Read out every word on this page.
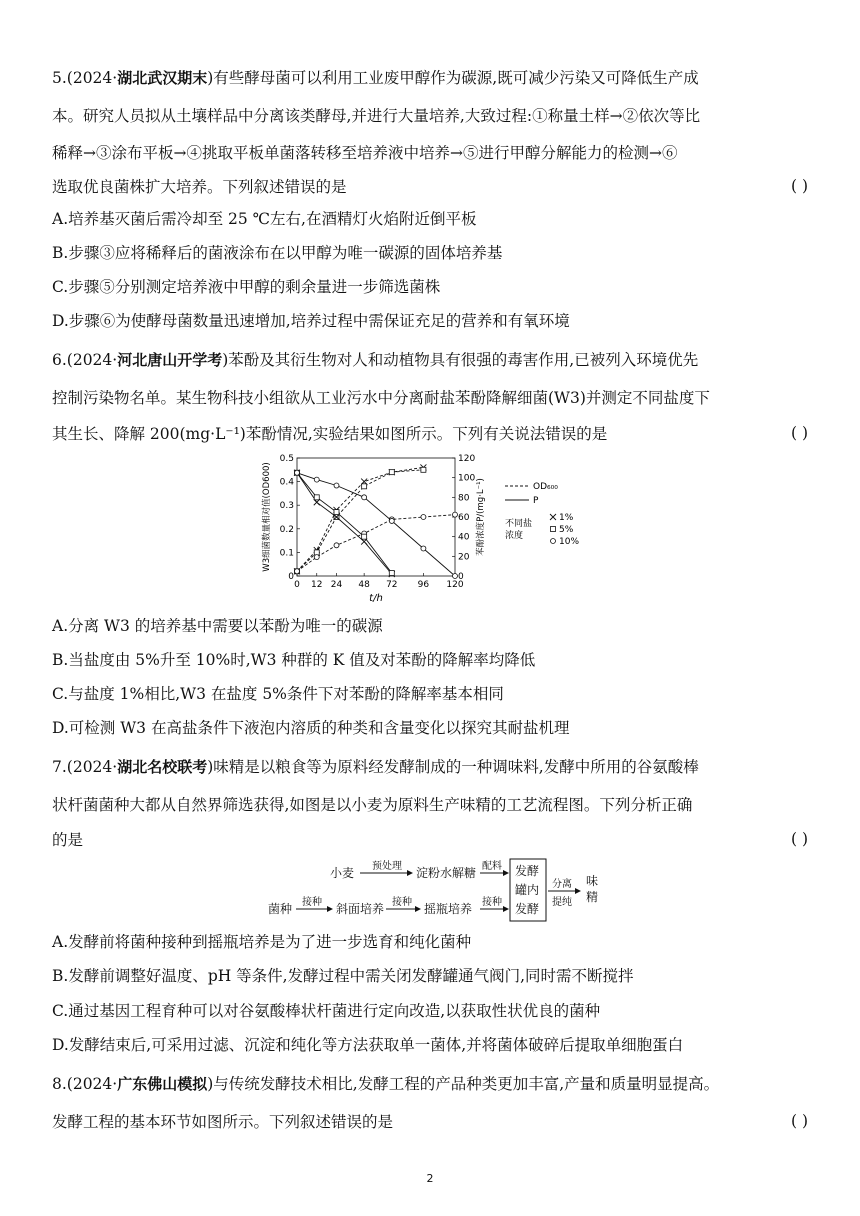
5.(2024·湖北武汉期末)有些酵母菌可以利用工业废甲醇作为碳源,既可减少污染又可降低生产成
本。研究人员拟从土壤样品中分离该类酵母,并进行大量培养,大致过程:①称量土样→②依次等比
稀释→③涂布平板→④挑取平板单菌落转移至培养液中培养→⑤进行甲醇分解能力的检测→⑥
选取优良菌株扩大培养。下列叙述错误的是	( )
A.培养基灭菌后需冷却至 25 ℃左右,在酒精灯火焰附近倒平板
B.步骤③应将稀释后的菌液涂布在以甲醇为唯一碳源的固体培养基
C.步骤⑤分别测定培养液中甲醇的剩余量进一步筛选菌株
D.步骤⑥为使酵母菌数量迅速增加,培养过程中需保证充足的营养和有氧环境
6.(2024·河北唐山开学考)苯酚及其衍生物对人和动植物具有很强的毒害作用,已被列入环境优先
控制污染物名单。某生物科技小组欲从工业污水中分离耐盐苯酚降解细菌(W3)并测定不同盐度下
其生长、降解 200(mg·L⁻¹)苯酚情况,实验结果如图所示。下列有关说法错误的是	( )
0 12 24 48 72 96 120
0
0.1
0.2
0.3
0.4
0.5
0
20
40
60
80
100
120
t/h
W3细菌数量相对值(OD600)	苯酚浓度P/(mg·L⁻¹)	OD₆₀₀
P
不同盐
浓度
1%
5%
10%
A.分离 W3 的培养基中需要以苯酚为唯一的碳源
B.当盐度由 5%升至 10%时,W3 种群的 K 值及对苯酚的降解率均降低
C.与盐度 1%相比,W3 在盐度 5%条件下对苯酚的降解率基本相同
D.可检测 W3 在高盐条件下液泡内溶质的种类和含量变化以探究其耐盐机理
7.(2024·湖北名校联考)味精是以粮食等为原料经发酵制成的一种调味料,发酵中所用的谷氨酸棒
状杆菌菌种大都从自然界筛选获得,如图是以小麦为原料生产味精的工艺流程图。下列分析正确
的是	( )
小麦 预处理 淀粉水解糖 配料
菌种 接种 斜面培养 接种 摇瓶培养 接种
发酵
罐内
发酵
分离
提纯
味
精
A.发酵前将菌种接种到摇瓶培养是为了进一步选育和纯化菌种
B.发酵前调整好温度、pH 等条件,发酵过程中需关闭发酵罐通气阀门,同时需不断搅拌
C.通过基因工程育种可以对谷氨酸棒状杆菌进行定向改造,以获取性状优良的菌种
D.发酵结束后,可采用过滤、沉淀和纯化等方法获取单一菌体,并将菌体破碎后提取单细胞蛋白
8.(2024·广东佛山模拟)与传统发酵技术相比,发酵工程的产品种类更加丰富,产量和质量明显提高。
发酵工程的基本环节如图所示。下列叙述错误的是	( )
2
